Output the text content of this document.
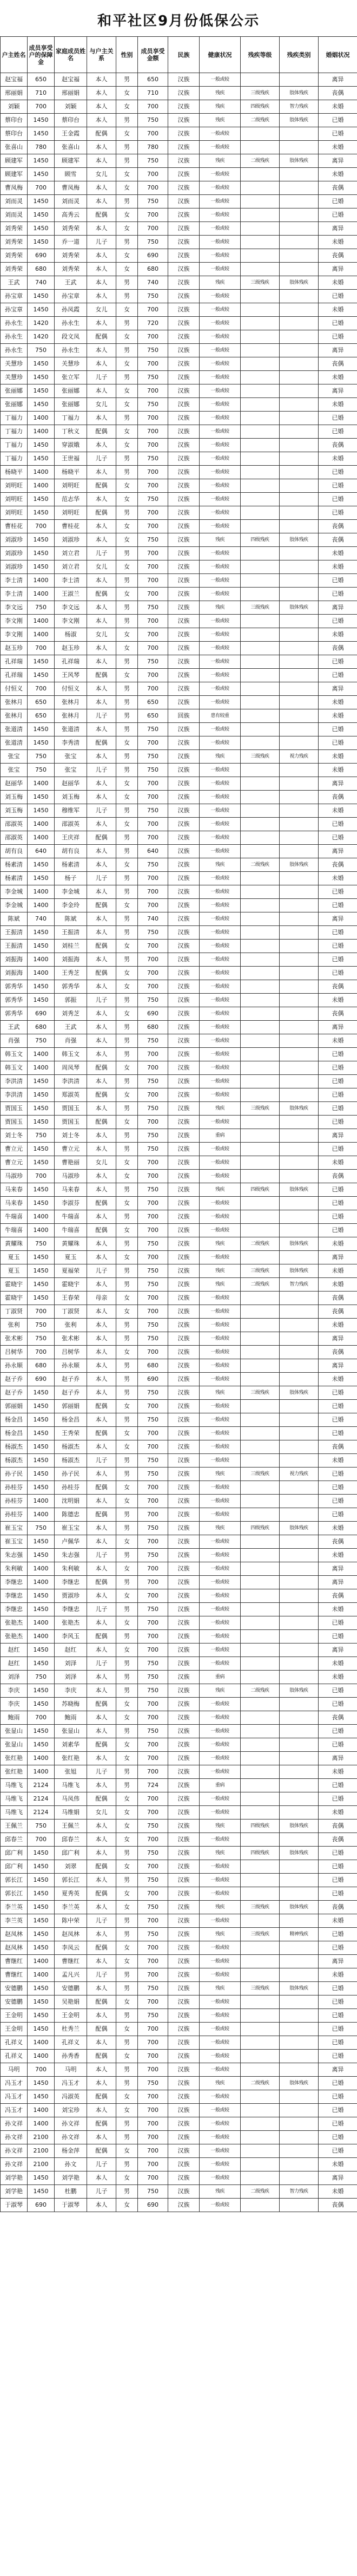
和平社区9月份低保公示
户主姓名	成员享受户的保障金	家庭成员姓名	与户主关系	性别	成员享受金额	民族	健康状况	残疾等级	残疾类别	婚姻状况
赵宝福	650	赵宝福	本人	男	650	汉族	一般或较			离异
邢丽娟	710	邢丽娟	本人	女	710	汉族	残疾	三级残疾	肢体残疾	丧偶
刘颖	700	刘颖	本人	女	700	汉族	残疾	四级残疾	智力残疾	未婚
蔡印台	1450	蔡印台	本人	男	750	汉族	残疾	二级残疾	肢体残疾	已婚
蔡印台	1450	王金霞	配偶	女	700	汉族	一般或较			已婚
张喜山	780	张喜山	本人	男	780	汉族	一般或较			未婚
顾建军	1450	顾建军	本人	男	750	汉族	残疾	二级残疾	肢体残疾	离异
顾建军	1450	顾雪	女儿	女	700	汉族	一般或较			未婚
曹凤梅	700	曹凤梅	本人	女	700	汉族	一般或较			丧偶
刘而灵	1450	刘而灵	本人	男	750	汉族	一般或较			已婚
刘而灵	1450	高秀云	配偶	女	700	汉族	一般或较			已婚
刘秀荣	1450	刘秀荣	本人	女	700	汉族	一般或较			离异
刘秀荣	1450	乔一道	儿子	男	750	汉族	一般或较			未婚
刘秀荣	690	刘秀荣	本人	女	690	汉族	一般或较			丧偶
刘秀荣	680	刘秀荣	本人	女	680	汉族	一般或较			离异
王武	740	王武	本人	男	740	汉族	残疾	三级残疾	肢体残疾	未婚
孙宝章	1450	孙宝章	本人	男	750	汉族	一般或较			已婚
孙宝章	1450	孙凤霞	女儿	女	700	汉族	一般或较			未婚
孙永生	1420	孙永生	本人	男	720	汉族	一般或较			已婚
孙永生	1420	段文凤	配偶	女	700	汉族	一般或较			已婚
孙永生	750	孙永生	本人	男	750	汉族	一般或较			离异
关慧珍	1450	关慧珍	本人	女	700	汉族	一般或较			丧偶
关慧珍	1450	张立军	儿子	男	750	汉族	一般或较			未婚
张丽娜	1450	张丽娜	本人	女	700	汉族	一般或较			离异
张丽娜	1450	张丽娜	女儿	女	750	汉族	一般或较			未婚
丁福力	1400	丁福力	本人	男	700	汉族	一般或较			已婚
丁福力	1400	丁秋义	配偶	女	700	汉族	一般或较			已婚
丁福力	1450	穿淑娥	本人	女	700	汉族	一般或较			丧偶
丁福力	1450	王世福	儿子	男	750	汉族	一般或较			未婚
杨晓平	1400	杨晓平	本人	男	700	汉族	一般或较			已婚
刘明旺	1400	刘明旺	配偶	女	700	汉族	一般或较			已婚
刘明旺	1450	范志华	本人	女	750	汉族	一般或较			已婚
刘明旺	1450	刘明旺	配偶	男	700	汉族	一般或较			已婚
曹桂花	700	曹桂花	本人	女	700	汉族	一般或较			丧偶
刘淑珍	1450	刘淑珍	本人	女	750	汉族	残疾	四级残疾	肢体残疾	丧偶
刘淑珍	1450	刘立君	儿子	男	700	汉族	一般或较			未婚
刘淑珍	1450	刘立君	女儿	女	700	汉族	一般或较			未婚
李士清	1400	李士清	本人	男	700	汉族	一般或较			已婚
李士清	1400	王淑兰	配偶	女	700	汉族	一般或较			已婚
李文远	750	李文远	本人	男	750	汉族	残疾	三级残疾	肢体残疾	离异
李文刚	1400	李文刚	本人	男	700	汉族	一般或较			已婚
李文刚	1400	杨淑	女儿	女	700	汉族	一般或较			未婚
赵玉珍	700	赵玉珍	本人	女	700	汉族	一般或较			丧偶
孔祥瑞	1450	孔祥瑞	本人	男	750	汉族	一般或较			已婚
孔祥瑞	1450	王风琴	配偶	女	700	汉族	一般或较			已婚
付恒义	700	付恒义	本人	男	700	汉族	一般或较			离异
张林月	650	张林月	本人	男	650	汉族	一般或较			未婚
张林月	650	张林月	儿子	男	650	回族	患有较重			未婚
张道清	1450	张道清	本人	男	750	汉族	一般或较			已婚
张道清	1450	李秀清	配偶	女	700	汉族	一般或较			已婚
张宝	750	张宝	本人	男	750	汉族	残疾	三级残疾	视力残疾	未婚
张宝	750	张宝	儿子	男	750	汉族	一般或较			未婚
赵丽华	1400	赵丽华	本人	女	700	汉族	一般或较			离异
刘玉梅	1450	刘玉梅	本人	女	700	汉族	一般或较			丧偶
刘玉梅	1450	穆维军	儿子	男	750	汉族	一般或较			未婚
邵淑英	1400	邵淑英	本人	女	700	汉族	一般或较			已婚
邵淑英	1400	王庆祥	配偶	男	700	汉族	一般或较			已婚
胡有良	640	胡有良	本人	男	640	汉族	一般或较			离异
杨素清	1450	杨素清	本人	女	750	汉族	残疾	二级残疾	肢体残疾	丧偶
杨素清	1450	杨子	儿子	男	700	汉族	一般或较			未婚
李金城	1400	李金城	本人	男	700	汉族	一般或较			已婚
李金城	1400	李金玲	配偶	女	700	汉族	一般或较			已婚
陈斌	740	陈斌	本人	男	740	汉族	一般或较			离异
王振清	1450	王振清	本人	男	750	汉族	一般或较			已婚
王振清	1450	刘桂兰	配偶	女	700	汉族	一般或较			已婚
刘振海	1400	刘振海	本人	男	700	汉族	一般或较			已婚
刘振海	1400	王秀芝	配偶	女	700	汉族	一般或较			已婚
郭秀华	1450	郭秀华	本人	女	700	汉族	一般或较			丧偶
郭秀华	1450	郭振	儿子	男	750	汉族	一般或较			未婚
郭秀华	690	刘秀芝	本人	女	690	汉族	一般或较			丧偶
王武	680	王武	本人	男	680	汉族	一般或较			离异
肖强	750	肖强	本人	男	750	汉族	一般或较			未婚
韩玉文	1400	韩玉文	本人	男	700	汉族	一般或较			已婚
韩玉文	1400	周凤琴	配偶	女	700	汉族	一般或较			已婚
李洪清	1450	李洪清	本人	男	750	汉族	一般或较			已婚
李洪清	1450	郑淑英	配偶	女	700	汉族	一般或较			已婚
贾国玉	1450	贾国玉	本人	男	750	汉族	残疾	三级残疾	肢体残疾	已婚
贾国玉	1450	贾国玉	配偶	女	700	汉族	一般或较			已婚
刘士冬	750	刘士冬	本人	男	750	汉族	重病			离异
曹立元	1450	曹立元	本人	男	750	汉族	一般或较			已婚
曹立元	1450	曹艳丽	女儿	女	700	汉族	一般或较			未婚
马淑珍	700	马淑珍	本人	女	700	汉族	一般或较			丧偶
马来春	1450	马来春	本人	男	750	汉族	残疾	四级残疾	肢体残疾	已婚
马来春	1450	李淑芬	配偶	女	700	汉族	一般或较			已婚
牛瑞喜	1400	牛瑞喜	本人	男	700	汉族	一般或较			已婚
牛瑞喜	1400	牛瑞喜	配偶	女	700	汉族	一般或较			已婚
黄耀珠	750	黄耀珠	本人	男	750	汉族	残疾	二级残疾	肢体残疾	未婚
夏玉	1450	夏玉	本人	女	700	汉族	一般或较			离异
夏玉	1450	夏福荣	儿子	男	750	汉族	残疾	三级残疾	肢体残疾	未婚
霍晓宇	1450	霍晓宇	本人	男	750	汉族	残疾	二级残疾	智力残疾	未婚
霍晓宇	1450	王春荣	母亲	女	700	汉族	一般或较			丧偶
丁淑贤	700	丁淑贤	本人	女	700	汉族	一般或较			丧偶
张利	750	张利	本人	男	750	汉族	一般或较			未婚
张术彬	750	张术彬	本人	男	750	汉族	一般或较			离异
吕树华	700	吕树华	本人	女	700	汉族	一般或较			丧偶
孙永顺	680	孙永顺	本人	男	680	汉族	一般或较			离异
赵子乔	690	赵子乔	本人	男	690	汉族	一般或较			未婚
赵子乔	1450	赵子乔	本人	男	750	汉族	残疾	三级残疾	肢体残疾	已婚
郭丽娟	1450	郭丽娟	配偶	女	700	汉族	一般或较			已婚
杨金昌	1450	杨金昌	本人	男	750	汉族	一般或较			已婚
杨金昌	1450	王秀荣	配偶	女	700	汉族	一般或较			已婚
杨淑杰	1450	杨淑杰	本人	女	700	汉族	一般或较			丧偶
杨淑杰	1450	杨淑杰	儿子	男	750	汉族	一般或较			未婚
孙子民	1450	孙子民	本人	男	750	汉族	残疾	三级残疾	视力残疾	已婚
孙桂芬	1450	孙桂芬	配偶	女	700	汉族	一般或较			已婚
孙桂芬	1400	沈明娟	本人	女	700	汉族	一般或较			已婚
孙桂芬	1400	陈德忠	配偶	男	700	汉族	一般或较			已婚
崔玉宝	750	崔玉宝	本人	男	750	汉族	残疾	四级残疾	肢体残疾	未婚
崔玉宝	1450	卢佩华	本人	女	700	汉族	一般或较			丧偶
朱志强	1450	朱志强	儿子	男	750	汉族	一般或较			未婚
朱利敏	1400	朱利敏	本人	女	700	汉族	一般或较			离异
李继忠	1400	李继忠	配偶	男	700	汉族	一般或较			离异
李继忠	1450	贾淑珍	本人	女	700	汉族	一般或较			丧偶
李继忠	1450	李继忠	儿子	男	750	汉族	一般或较			未婚
张艳杰	1400	张艳杰	本人	女	700	汉族	一般或较			已婚
张艳杰	1400	李风玉	配偶	男	700	汉族	一般或较			已婚
赵红	1450	赵红	本人	女	700	汉族	一般或较			离异
赵红	1450	刘泽	儿子	男	750	汉族	一般或较			未婚
刘泽	750	刘泽	本人	男	750	汉族	重病			未婚
李庆	1450	李庆	本人	男	750	汉族	残疾	二级残疾	肢体残疾	已婚
李庆	1450	苏晓梅	配偶	女	700	汉族	一般或较			已婚
鲍雨	700	鲍雨	本人	女	700	汉族	一般或较			丧偶
张显山	1450	张显山	本人	男	750	汉族	一般或较			已婚
张显山	1450	刘素华	配偶	女	700	汉族	一般或较			已婚
张红艳	1400	张红艳	本人	女	700	汉族	一般或较			离异
张红艳	1400	张旭	儿子	男	700	汉族	一般或较			未婚
马维飞	2124	马维飞	本人	男	724	汉族	重病			已婚
马维飞	2124	马凤伟	配偶	女	700	汉族	一般或较			已婚
马维飞	2124	马维娟	女儿	女	700	汉族	一般或较			未婚
王佩兰	750	王佩兰	本人	女	750	汉族	残疾	四级残疾	肢体残疾	丧偶
邱春兰	700	邱春兰	本人	女	700	汉族	一般或较			丧偶
邱广利	1450	邱广利	本人	男	750	汉族	残疾	四级残疾	肢体残疾	已婚
邱广利	1450	刘翠	配偶	女	700	汉族	一般或较			已婚
郭长江	1450	郭长江	本人	男	750	汉族	一般或较			已婚
郭长江	1450	夏秀英	配偶	女	700	汉族	一般或较			已婚
李兰英	1450	李兰英	本人	女	750	汉族	残疾	三级残疾	肢体残疾	丧偶
李兰英	1450	陈中荣	儿子	男	700	汉族	一般或较			未婚
赵凤林	1450	赵凤林	本人	男	750	汉族	残疾	三级残疾	精神残疾	已婚
赵凤林	1450	李凤云	配偶	女	700	汉族	一般或较			已婚
曹继红	1400	曹继红	本人	女	700	汉族	一般或较			离异
曹继红	1400	孟凡兴	儿子	男	700	汉族	一般或较			未婚
安德鹏	1450	安德鹏	本人	男	750	汉族	残疾	三级残疾	肢体残疾	已婚
安德鹏	1450	吴艳娟	配偶	女	700	汉族	一般或较			已婚
王金明	1450	王金明	本人	男	750	汉族	一般或较			已婚
王金明	1450	杜秀兰	配偶	女	700	汉族	一般或较			已婚
孔祥义	1400	孔祥义	本人	男	700	汉族	一般或较			已婚
孔祥义	1400	孙秀香	配偶	女	700	汉族	一般或较			已婚
马明	700	马明	本人	男	700	汉族	一般或较			离异
冯玉才	1450	冯玉才	本人	男	750	汉族	残疾	二级残疾	肢体残疾	已婚
冯玉才	1450	冯淑英	配偶	女	700	汉族	一般或较			已婚
冯玉才	1400	刘宝珍	本人	女	700	汉族	一般或较			已婚
孙文祥	1400	孙文祥	配偶	男	700	汉族	一般或较			已婚
孙文祥	2100	孙文祥	本人	男	700	汉族	一般或较			已婚
孙文祥	2100	杨金萍	配偶	女	700	汉族	一般或较			已婚
孙文祥	2100	孙文	儿子	男	700	汉族	一般或较			未婚
刘学艳	1450	刘学艳	本人	女	700	汉族	一般或较			离异
刘学艳	1450	杜鹏	儿子	男	750	汉族	残疾	二级残疾	智力残疾	未婚
于淑琴	690	于淑琴	本人	女	690	汉族	一般或较			丧偶
